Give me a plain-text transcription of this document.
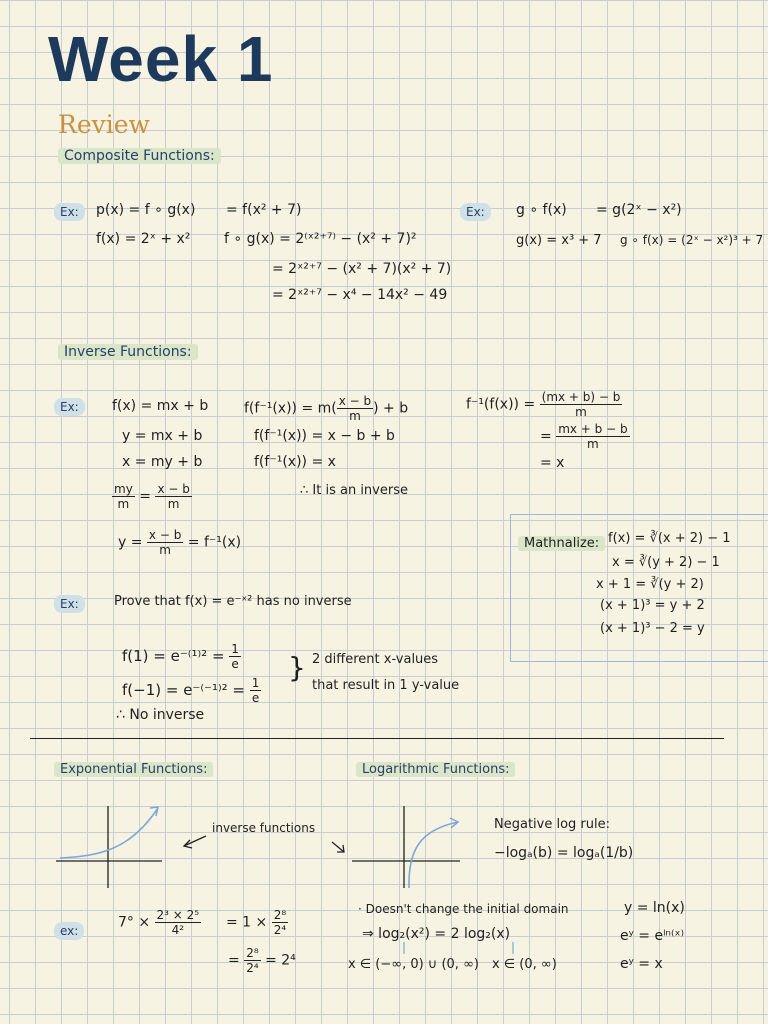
Week 1
Review
Composite Functions:
Ex:	p(x) = f ∘ g(x) = f(x² + 7)
f(x) = 2ˣ + x² f ∘ g(x) = 2⁽ˣ²⁺⁷⁾ − (x² + 7)²
= 2ˣ²⁺⁷ − (x² + 7)(x² + 7)
= 2ˣ²⁺⁷ − x⁴ − 14x² − 49
Ex:	g ∘ f(x) = g(2ˣ − x²)
g(x) = x³ + 7 g ∘ f(x) = (2ˣ − x²)³ + 7
Inverse Functions:
Ex:	f(x) = mx + b
y = mx + b
x = my + b
$\frac{my}{m} = \frac{x - b}{m}$
$y = \frac{x - b}{m} = f^{-1}(x)$
$f(f^{-1}(x)) = m( \frac{x - b}{m}$ ) + b
f(f⁻¹(x)) = x − b + b
f(f⁻¹(x)) = x
∴ It is an inverse
$f^{-1}(f(x)) = \frac{(mx + b) - b}{m}$
= $\frac{mx + b - b}{m}$
= x
Mathnalize: f(x) = ∛(x + 2) − 1
x = ∛(y + 2) − 1
x + 1 = ∛(y + 2)
(x + 1)³ = y + 2
(x + 1)³ − 2 = y
Ex:	Prove that f(x) = e⁻ˣ² has no inverse
$f(1) = e^{-(1)2} = \frac{1}{e}$
$f(-1) = e^{-(-1)2} = \frac{1}{e}$
} 2 different x-values
that result in 1 y-value
∴ No inverse
Exponential Functions:	Logarithmic Functions:
inverse functions	Negative log rule:
−logₐ(b) = logₐ(1/b)
ex:
$7^\circ \times \frac{\text{2³ × 2⁵}}{\text{4²}} = 1 \times \frac{\text{2⁸}}{\text{2⁴}}$
= $\frac{\text{2⁸}}{\text{2⁴}} = 2^4$
· Doesn't change the initial domain
⇒ log₂(x²) = 2 log₂(x)
x ∈ (−∞, 0) ∪ (0, ∞) x ∈ (0, ∞)
y = ln(x)
eʸ = eˡⁿ⁽ˣ⁾
eʸ = x
